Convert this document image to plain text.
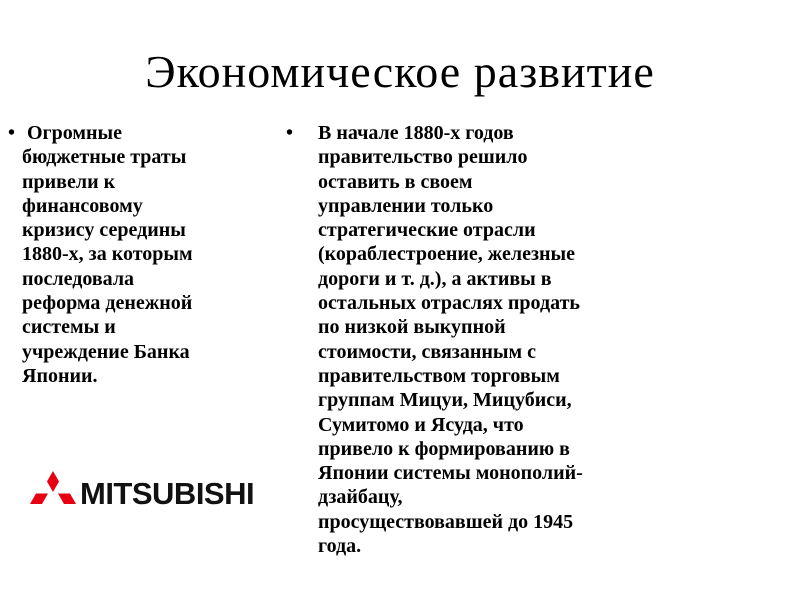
Экономическое развитие
• Огромные
бюджетные траты
привели к
финансовому
кризису середины
1880-х, за которым
последовала
реформа денежной
системы и
учреждение Банка
Японии.
MITSUBISHI
• В начале 1880-х годов
правительство решило
оставить в своем
управлении только
стратегические отрасли
(кораблестроение, железные
дороги и т. д.), а активы в
остальных отраслях продать
по низкой выкупной
стоимости, связанным с
правительством торговым
группам Мицуи, Мицубиси,
Сумитомо и Ясуда, что
привело к формированию в
Японии системы монополий-
дзайбацу,
просуществовавшей до 1945
года.
